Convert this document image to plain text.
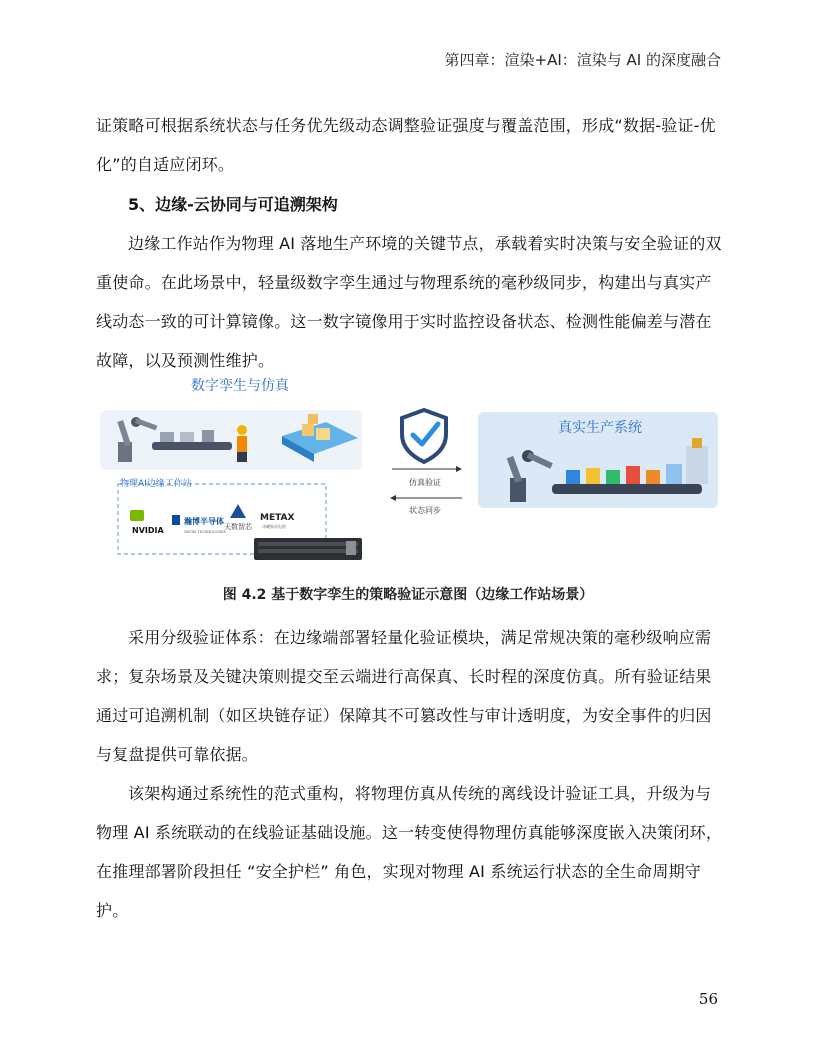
第四章：渲染+AI：渲染与 AI 的深度融合

证策略可根据系统状态与任务优先级动态调整验证强度与覆盖范围，形成“数据-验证-优化”的自适应闭环。

5、边缘-云协同与可追溯架构

边缘工作站作为物理 AI 落地生产环境的关键节点，承载着实时决策与安全验证的双重使命。在此场景中，轻量级数字孪生通过与物理系统的毫秒级同步，构建出与真实产线动态一致的可计算镜像。这一数字镜像用于实时监控设备状态、检测性能偏差与潜在故障，以及预测性维护。

数字孪生与仿真
物理AI边缘工作站
NVIDIA
瀚博半导体
VASTAI TECHNOLOGIES
天数智芯
METAX
沐曦集成电路
仿真验证
状态同步
真实生产系统
图 4.2 基于数字孪生的策略验证示意图（边缘工作站场景）

采用分级验证体系：在边缘端部署轻量化验证模块，满足常规决策的毫秒级响应需求；复杂场景及关键决策则提交至云端进行高保真、长时程的深度仿真。所有验证结果通过可追溯机制（如区块链存证）保障其不可篡改性与审计透明度，为安全事件的归因与复盘提供可靠依据。

该架构通过系统性的范式重构，将物理仿真从传统的离线设计验证工具，升级为与物理 AI 系统联动的在线验证基础设施。这一转变使得物理仿真能够深度嵌入决策闭环，在推理部署阶段担任 “安全护栏” 角色，实现对物理 AI 系统运行状态的全生命周期守护。

56
